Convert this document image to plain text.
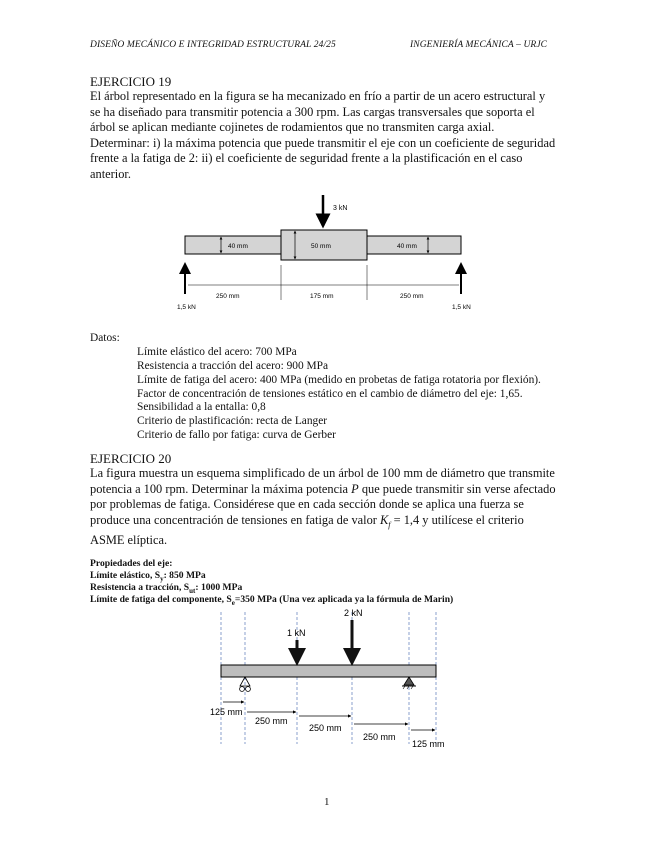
DISEÑO MECÁNICO E INTEGRIDAD ESTRUCTURAL 24/25	INGENIERÍA MECÁNICA – URJC
EJERCICIO 19
El árbol representado en la figura se ha mecanizado en frío a partir de un acero estructural y
se ha diseñado para transmitir potencia a 300 rpm. Las cargas transversales que soporta el
árbol se aplican mediante cojinetes de rodamientos que no transmiten carga axial.
Determinar: i) la máxima potencia que puede transmitir el eje con un coeficiente de seguridad
frente a la fatiga de 2: ii) el coeficiente de seguridad frente a la plastificación en el caso
anterior.
3 kN
40 mm	50 mm	40 mm
1,5 kN	1,5 kN
250 mm	175 mm	250 mm
Datos:
Límite elástico del acero: 700 MPa
Resistencia a tracción del acero: 900 MPa
Límite de fatiga del acero: 400 MPa (medido en probetas de fatiga rotatoria por flexión).
Factor de concentración de tensiones estático en el cambio de diámetro del eje: 1,65.
Sensibilidad a la entalla: 0,8
Criterio de plastificación: recta de Langer
Criterio de fallo por fatiga: curva de Gerber
EJERCICIO 20
La figura muestra un esquema simplificado de un árbol de 100 mm de diámetro que transmite
potencia a 100 rpm. Determinar la máxima potencia P que puede transmitir sin verse afectado
por problemas de fatiga. Considérese que en cada sección donde se aplica una fuerza se
produce una concentración de tensiones en fatiga de valor $K_f = 1,4$ y utilícese el criterio
ASME elíptica.
Propiedades del eje:
Límite elástico, $S_y$: 850 MPa
Resistencia a tracción, $S_{ut}$: 1000 MPa
Límite de fatiga del componente, $S_e=350$ MPa (Una vez aplicada ya la fórmula de Marin)
1 kN
2 kN
125 mm
250 mm
250 mm
250 mm
125 mm
1
